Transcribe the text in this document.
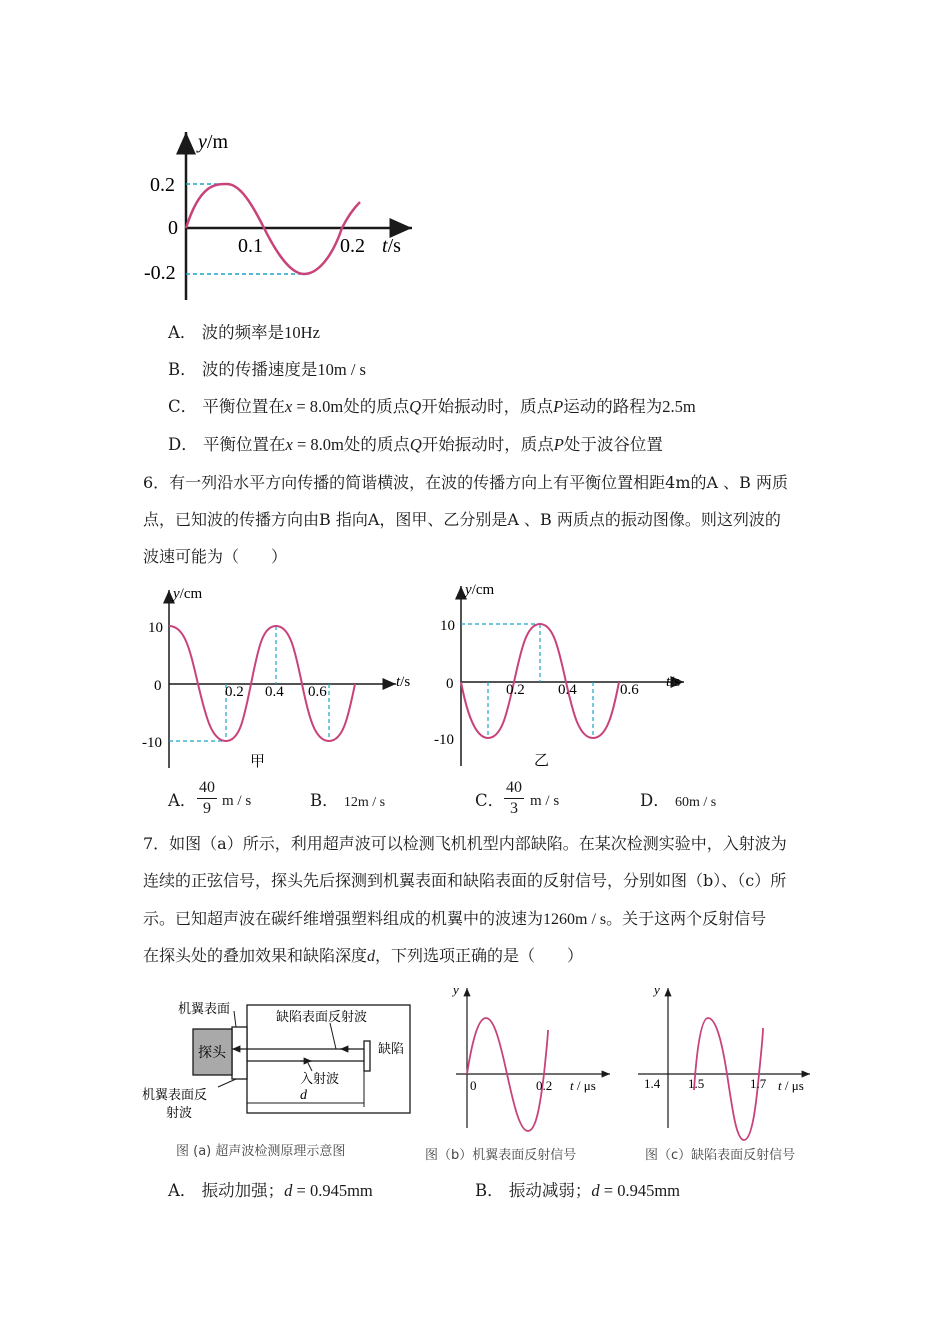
y/m
0.2
0
-0.2
0.1	0.2 t/s
A． 波的频率是10Hz
B． 波的传播速度是10m / s
C． 平衡位置在x = 8.0m处的质点Q开始振动时，质点P运动的路程为2.5m
D． 平衡位置在x = 8.0m处的质点Q开始振动时，质点P处于波谷位置
6．有一列沿水平方向传播的简谐横波，在波的传播方向上有平衡位置相距4m的A 、B 两质
点，已知波的传播方向由B 指向A，图甲、乙分别是A 、B 两质点的振动图像。则这列波的
波速可能为（　　）
y/cm
10
0
-10
0.2 0.4 0.6
t/s
甲
y/cm
10
0
-10
0.2 0.4	0.6 t/s
乙
A． $\frac{40}{9}$ m / s	B． 12m / s	C． $\frac{40}{3}$ m / s	D． 60m / s
7．如图（a）所示，利用超声波可以检测飞机机型内部缺陷。在某次检测实验中，入射波为
连续的正弦信号，探头先后探测到机翼表面和缺陷表面的反射信号，分别如图（b）、（c）所
示。已知超声波在碳纤维增强塑料组成的机翼中的波速为1260m / s。关于这两个反射信号
在探头处的叠加效果和缺陷深度d，下列选项正确的是（　　）
机翼表面
缺陷表面反射波
探头	缺陷
入射波
机翼表面反
射波
d
图 (a) 超声波检测原理示意图
y
0	0.2 t / μs
图（b）机翼表面反射信号
y
1.4 1.5	1.7 t / μs
图（c）缺陷表面反射信号
A． 振动加强；d = 0.945mm	B． 振动减弱；d = 0.945mm
